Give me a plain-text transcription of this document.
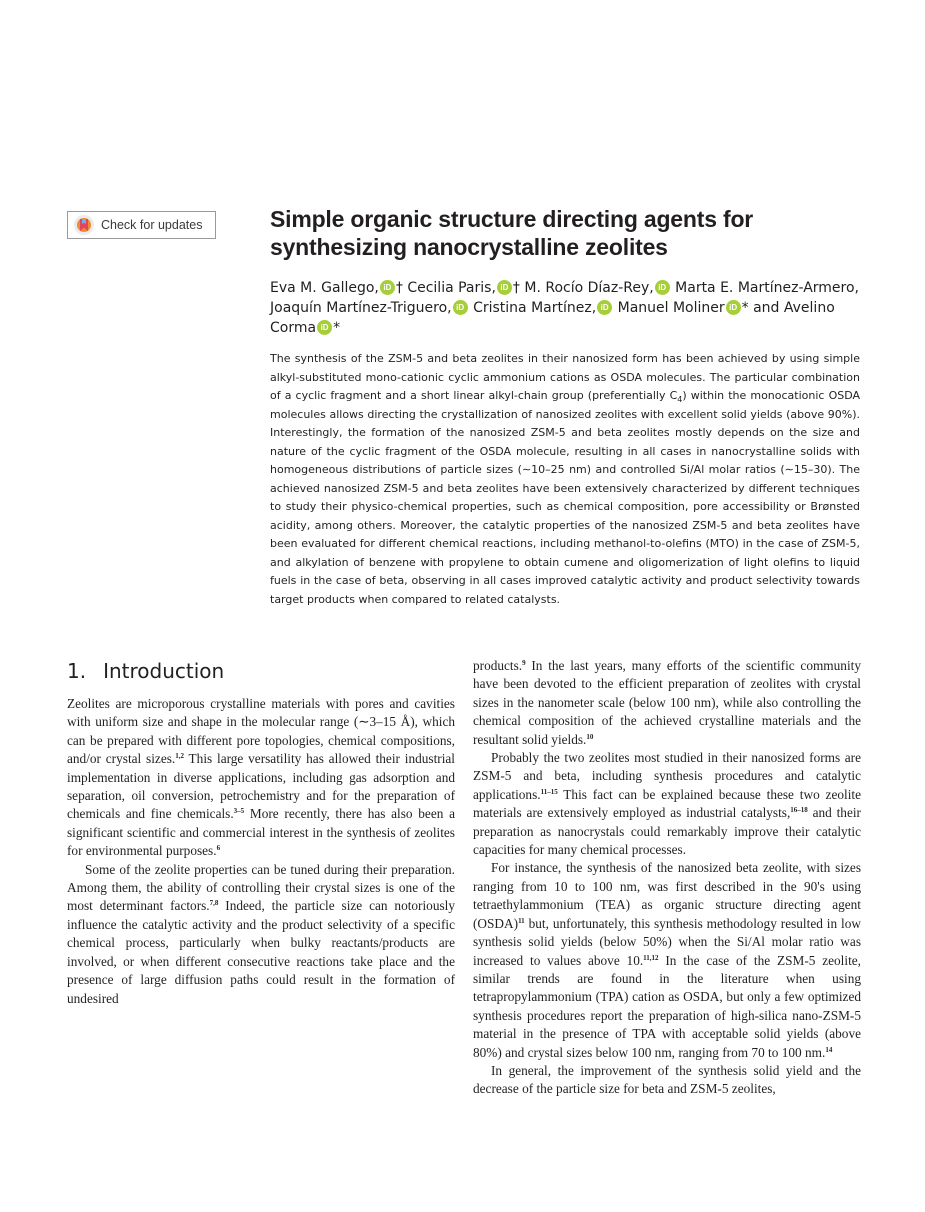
Check for updates	Simple organic structure directing agents for synthesizing nanocrystalline zeolites

Eva M. Gallego, iD † Cecilia Paris, iD † M. Rocío Díaz-Rey, iD Marta E. Martínez-Armero, Joaquín Martínez-Triguero, iD Cristina Martínez, iD Manuel Moliner iD * and Avelino Corma iD *

The synthesis of the ZSM-5 and beta zeolites in their nanosized form has been achieved by using simple alkyl-substituted mono-cationic cyclic ammonium cations as OSDA molecules. The particular combination of a cyclic fragment and a short linear alkyl-chain group (preferentially $C_4$) within the monocationic OSDA molecules allows directing the crystallization of nanosized zeolites with excellent solid yields (above 90%). Interestingly, the formation of the nanosized ZSM-5 and beta zeolites mostly depends on the size and nature of the cyclic fragment of the OSDA molecule, resulting in all cases in nanocrystalline solids with homogeneous distributions of particle sizes (∼10–25 nm) and controlled Si/Al molar ratios (∼15–30). The achieved nanosized ZSM-5 and beta zeolites have been extensively characterized by different techniques to study their physico-chemical properties, such as chemical composition, pore accessibility or Brønsted acidity, among others. Moreover, the catalytic properties of the nanosized ZSM-5 and beta zeolites have been evaluated for different chemical reactions, including methanol-to-olefins (MTO) in the case of ZSM-5, and alkylation of benzene with propylene to obtain cumene and oligomerization of light olefins to liquid fuels in the case of beta, observing in all cases improved catalytic activity and product selectivity towards target products when compared to related catalysts.

1. Introduction

Zeolites are microporous crystalline materials with pores and cavities with uniform size and shape in the molecular range (∼3–15 Å), which can be prepared with different pore topologies, chemical compositions, and/or crystal sizes.$^{1,2}$ This large versatility has allowed their industrial implementation in diverse applications, including gas adsorption and separation, oil conversion, petrochemistry and for the preparation of chemicals and fine chemicals.$^{3-5}$ More recently, there has also been a significant scientific and commercial interest in the synthesis of zeolites for environmental purposes.$^6$

Some of the zeolite properties can be tuned during their preparation. Among them, the ability of controlling their crystal sizes is one of the most determinant factors.$^{7,8}$ Indeed, the particle size can notoriously influence the catalytic activity and the product selectivity of a specific chemical process, particularly when bulky reactants/products are involved, or when different consecutive reactions take place and the presence of large diffusion paths could result in the formation of undesired

products.$^9$ In the last years, many efforts of the scientific community have been devoted to the efficient preparation of zeolites with crystal sizes in the nanometer scale (below 100 nm), while also controlling the chemical composition of the achieved crystalline materials and the resultant solid yields.$^{10}$

Probably the two zeolites most studied in their nanosized forms are ZSM-5 and beta, including synthesis procedures and catalytic applications.$^{11-15}$ This fact can be explained because these two zeolite materials are extensively employed as industrial catalysts,$^{16-18}$ and their preparation as nanocrystals could remarkably improve their catalytic capacities for many chemical processes.

For instance, the synthesis of the nanosized beta zeolite, with sizes ranging from 10 to 100 nm, was first described in the 90's using tetraethylammonium (TEA) as organic structure directing agent (OSDA)$^{11}$ but, unfortunately, this synthesis methodology resulted in low synthesis solid yields (below 50%) when the Si/Al molar ratio was increased to values above 10.$^{11,12}$ In the case of the ZSM-5 zeolite, similar trends are found in the literature when using tetrapropylammonium (TPA) cation as OSDA, but only a few optimized synthesis procedures report the preparation of high-silica nano-ZSM-5 material in the presence of TPA with acceptable solid yields (above 80%) and crystal sizes below 100 nm, ranging from 70 to 100 nm.$^{14}$

In general, the improvement of the synthesis solid yield and the decrease of the particle size for beta and ZSM-5 zeolites,
